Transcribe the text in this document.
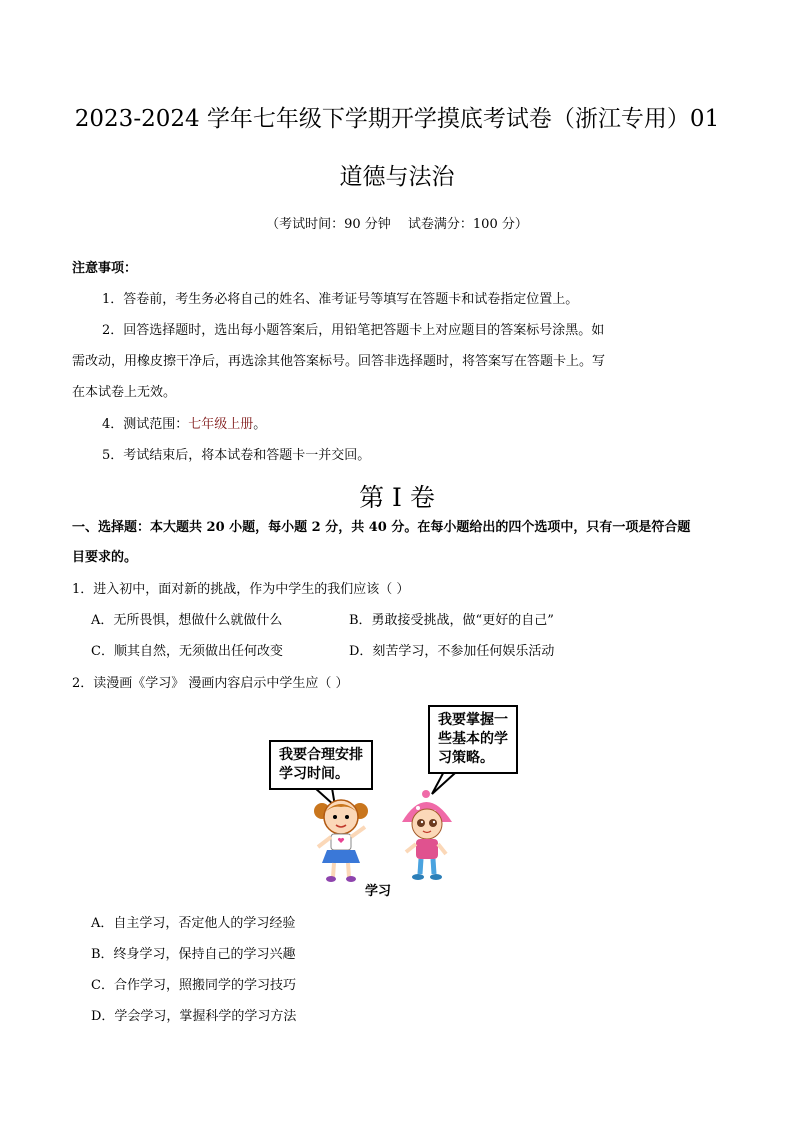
2023-2024 学年七年级下学期开学摸底考试卷（浙江专用）01
道德与法治
（考试时间：90 分钟　 试卷满分：100 分）
注意事项：
1．答卷前，考生务必将自己的姓名、准考证号等填写在答题卡和试卷指定位置上。
2．回答选择题时，选出每小题答案后，用铅笔把答题卡上对应题目的答案标号涂黑。如
需改动，用橡皮擦干净后，再选涂其他答案标号。回答非选择题时，将答案写在答题卡上。写
在本试卷上无效。
4．测试范围：七年级上册。
5．考试结束后，将本试卷和答题卡一并交回。
第 I 卷
一、选择题：本大题共 20 小题，每小题 2 分，共 40 分。在每小题给出的四个选项中，只有一项是符合题
目要求的。
1．进入初中，面对新的挑战，作为中学生的我们应该（ ）
A．无所畏惧，想做什么就做什么	B．勇敢接受挑战，做“更好的自己”
C．顺其自然，无须做出任何改变	D．刻苦学习，不参加任何娱乐活动
2．读漫画《学习》 漫画内容启示中学生应（ ）
我要合理安排
学习时间。
我要掌握一
些基本的学
习策略。
学习
A．自主学习，否定他人的学习经验
B．终身学习，保持自己的学习兴趣
C．合作学习，照搬同学的学习技巧
D．学会学习，掌握科学的学习方法
